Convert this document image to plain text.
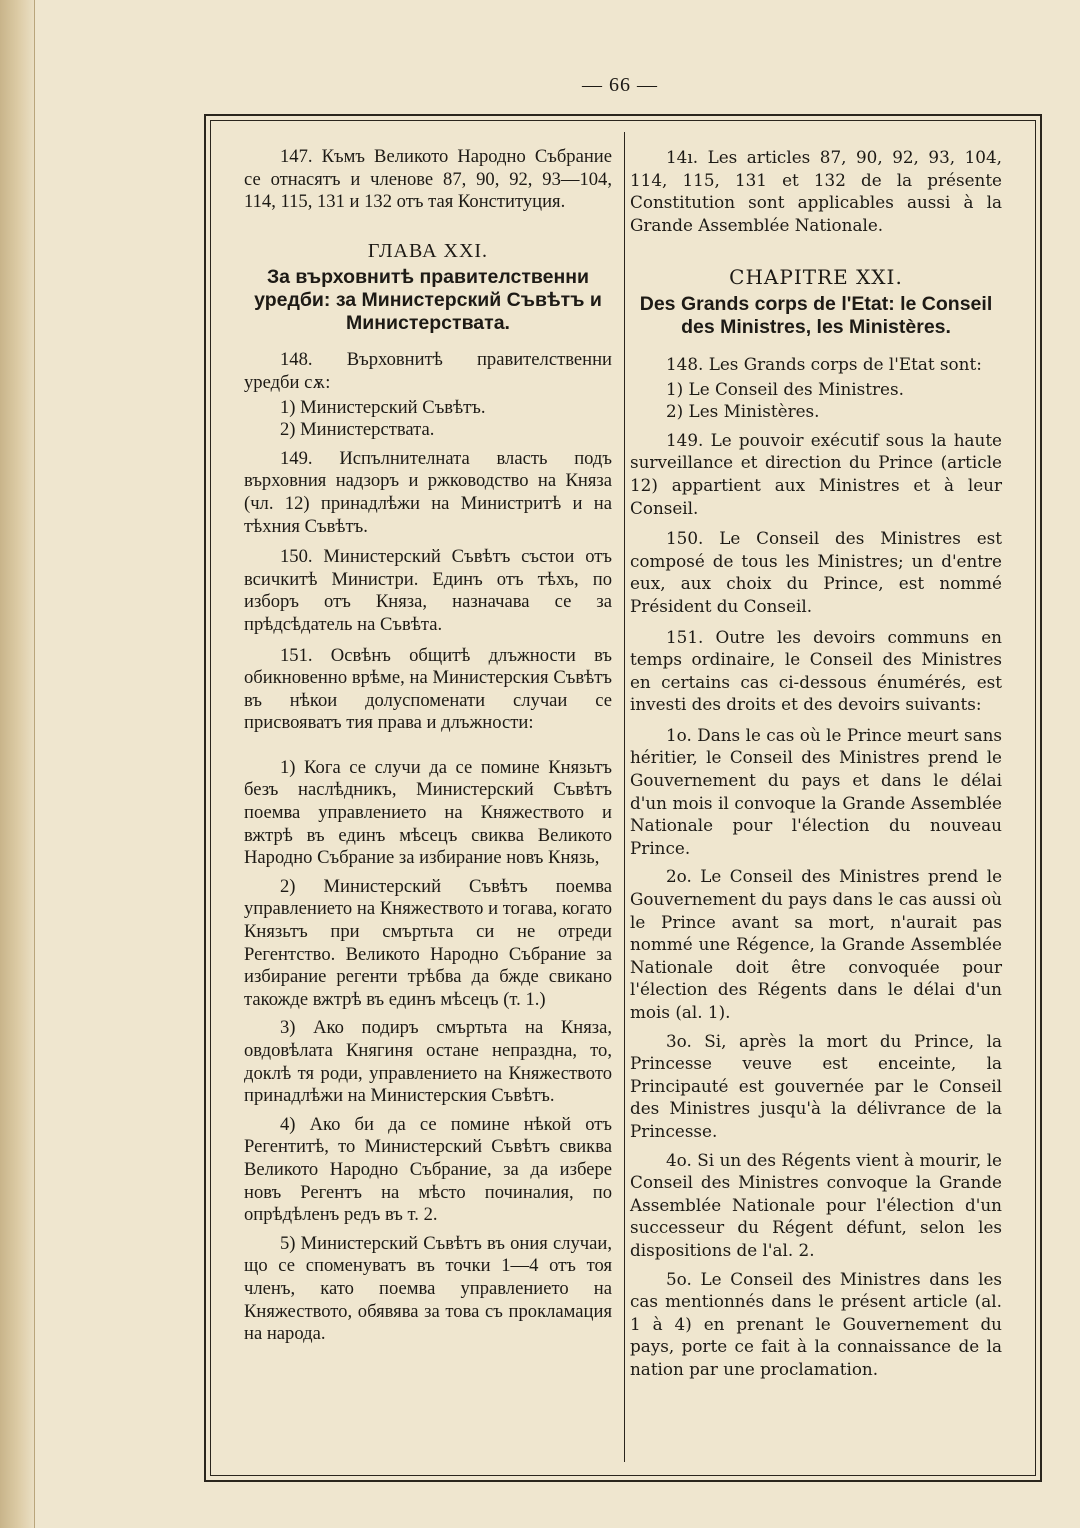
— 66 —

147. Къмъ Великото Народно Събрание се отнасятъ и членове 87, 90, 92, 93—104, 114, 115, 131 и 132 отъ тая Конституция.

ГЛАВА XXI.
За върховнитѣ правителственни уредби: за Министерский Съвѣтъ и Министерствата.

148. Върховнитѣ правителственни уредби сѫ:

1) Министерский Съвѣтъ.

2) Министерствата.

149. Испълнителната власть подъ върховния надзоръ и ржководство на Княза (чл. 12) принадлѣжи на Министритѣ и на тѣхния Съвѣтъ.

150. Министерский Съвѣтъ състои отъ всичкитѣ Министри. Единъ отъ тѣхъ, по изборъ отъ Княза, назначава се за прѣдсѣдатель на Съвѣта.

151. Освѣнъ общитѣ длъжности въ обикновенно врѣме, на Министерския Съвѣтъ въ нѣкои долуспоменати случаи се присвояватъ тия права и длъжности:

1) Кога се случи да се помине Князьтъ безъ наслѣдникъ, Министерский Съвѣтъ поемва управлението на Княжеството и вжтрѣ въ единъ мѣсецъ свиква Великото Народно Събрание за избирание новъ Князь,

2) Министерский Съвѣтъ поемва управлението на Княжеството и тогава, когато Князьтъ при смъртьта си не отреди Регентство. Великото Народно Събрание за избирание регенти трѣбва да бжде свикано такожде вжтрѣ въ единъ мѣсецъ (т. 1.)

3) Ако подиръ смъртьта на Княза, овдовѣлата Княгиня остане непраздна, то, доклѣ тя роди, управлението на Княжеството принадлѣжи на Министерския Съвѣтъ.

4) Ако би да се помине нѣкой отъ Регентитѣ, то Министерский Съвѣтъ свиква Великото Народно Събрание, за да избере новъ Регентъ на мѣсто починалия, по опрѣдѣленъ редъ въ т. 2.

5) Министерский Съвѣтъ въ ония случаи, що се споменуватъ въ точки 1—4 отъ тоя членъ, като поемва управлението на Княжеството, обявява за това съ прокламация на народа.

14ı. Les articles 87, 90, 92, 93, 104, 114, 115, 131 et 132 de la présente Constitution sont applicables aussi à la Grande Assemblée Nationale.

CHAPITRE XXI.
Des Grands corps de l'Etat: le Conseil des Ministres, les Ministères.

148. Les Grands corps de l'Etat sont:

1) Le Conseil des Ministres.

2) Les Ministères.

149. Le pouvoir exécutif sous la haute surveillance et direction du Prince (article 12) appartient aux Ministres et à leur Conseil.

150. Le Conseil des Ministres est composé de tous les Ministres; un d'entre eux, aux choix du Prince, est nommé Président du Conseil.

151. Outre les devoirs communs en temps ordinaire, le Conseil des Ministres en certains cas ci-dessous énumérés, est investi des droits et des devoirs suivants:

1o. Dans le cas où le Prince meurt sans héritier, le Conseil des Ministres prend le Gouvernement du pays et dans le délai d'un mois il convoque la Grande Assemblée Nationale pour l'élection du nouveau Prince.

2o. Le Conseil des Ministres prend le Gouvernement du pays dans le cas aussi où le Prince avant sa mort, n'aurait pas nommé une Régence, la Grande Assemblée Nationale doit être convoquée pour l'élection des Régents dans le délai d'un mois (al. 1).

3o. Si, après la mort du Prince, la Princesse veuve est enceinte, la Principauté est gouvernée par le Conseil des Ministres jusqu'à la délivrance de la Princesse.

4o. Si un des Régents vient à mourir, le Conseil des Ministres convoque la Grande Assemblée Nationale pour l'élection d'un successeur du Régent défunt, selon les dispositions de l'al. 2.

5o. Le Conseil des Ministres dans les cas mentionnés dans le présent article (al. 1 à 4) en prenant le Gouvernement du pays, porte ce fait à la connaissance de la nation par une proclamation.
